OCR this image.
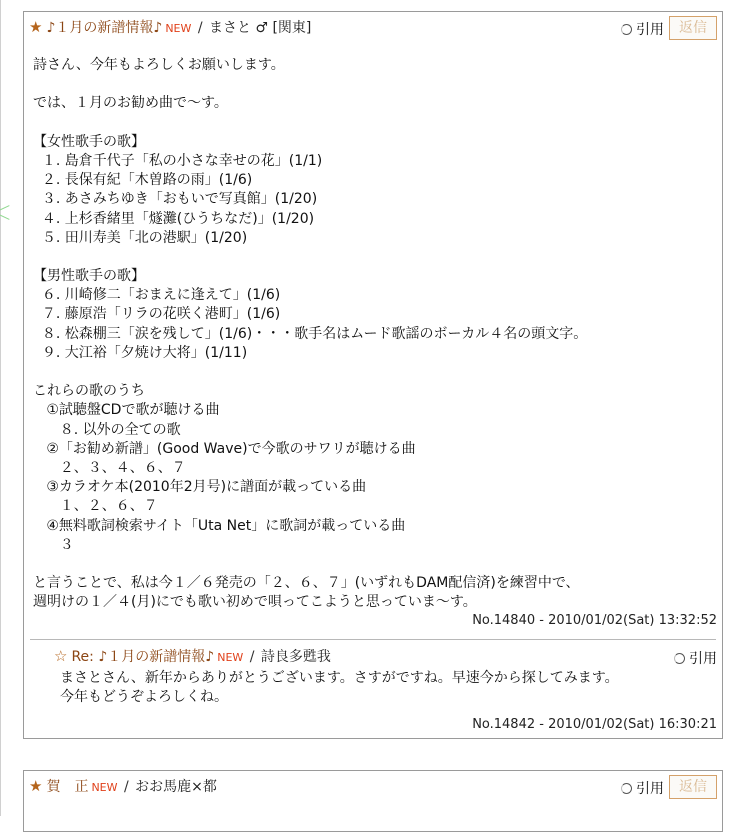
★ ♪１月の新譜情報♪ NEW / まさと ♂ [関東]	引用	返信
詩さん、今年もよろしくお願いします。
では、１月のお勧め曲で～す。
【女性歌手の歌】
１. 島倉千代子「私の小さな幸せの花」(1/1)
２. 長保有紀「木曽路の雨」(1/6)
３. あさみちゆき「おもいで写真館」(1/20)
４. 上杉香緒里「燧灘(ひうちなだ)」(1/20)
５. 田川寿美「北の港駅」(1/20)
【男性歌手の歌】
６. 川崎修二「おまえに逢えて」(1/6)
７. 藤原浩「リラの花咲く港町」(1/6)
８. 松森棚三「涙を残して」(1/6)・・・歌手名はムード歌謡のボーカル４名の頭文字。
９. 大江裕「夕焼け大将」(1/11)
これらの歌のうち
①試聴盤CDで歌が聴ける曲
８. 以外の全ての歌
②「お勧め新譜」(Good Wave)で今歌のサワリが聴ける曲
２、３、４、６、７
③カラオケ本(2010年2月号)に譜面が載っている曲
１、２、６、７
④無料歌詞検索サイト「Uta Net」に歌詞が載っている曲
３
と言うことで、私は今１／６発売の「２、６、７」(いずれもDAM配信済)を練習中で、
週明けの１／４(月)にでも歌い初めで唄ってこようと思っていま～す。
No.14840 - 2010/01/02(Sat) 13:32:52
☆ Re: ♪１月の新譜情報♪ NEW / 詩良多甦我	引用
まさとさん、新年からありがとうございます。さすがですね。早速今から探してみます。
今年もどうぞよろしくね。
No.14842 - 2010/01/02(Sat) 16:30:21
★ 賀　正 NEW / おお馬鹿×都	引用	返信
